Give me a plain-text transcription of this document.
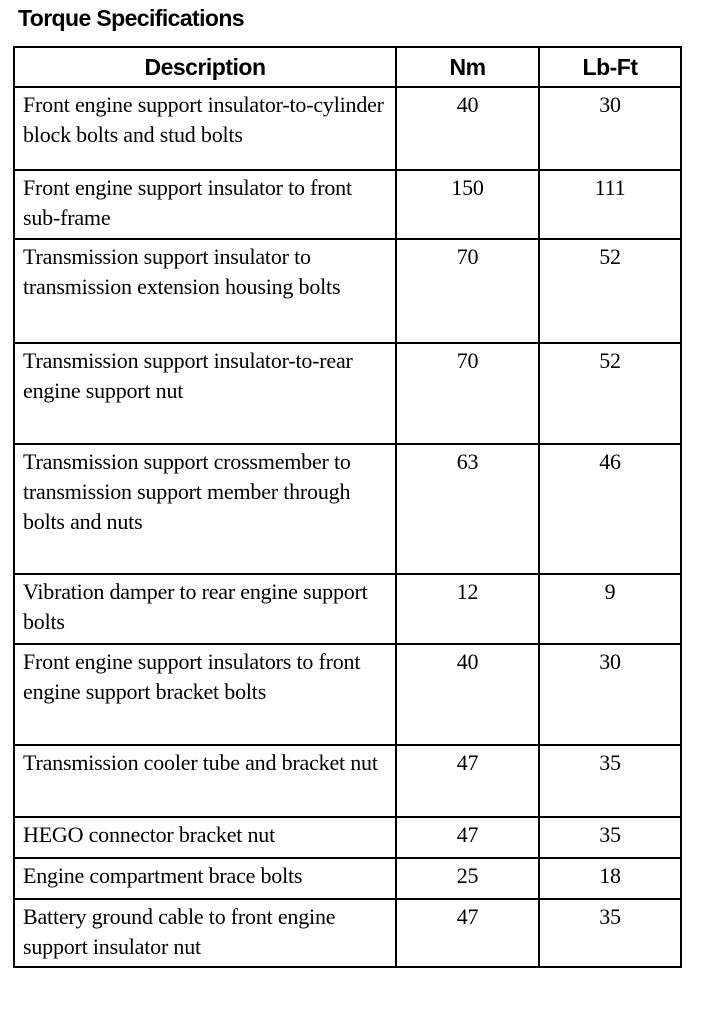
Torque Specifications
Description	Nm	Lb-Ft
Front engine support insulator-to-cylinder block bolts and stud bolts	40	30
Front engine support insulator to front sub-frame	150	111
Transmission support insulator to transmission extension housing bolts	70	52
Transmission support insulator-to-rear engine support nut	70	52
Transmission support crossmember to transmission support member through bolts and nuts	63	46
Vibration damper to rear engine support bolts	12	9
Front engine support insulators to front engine support bracket bolts	40	30
Transmission cooler tube and bracket nut	47	35
HEGO connector bracket nut	47	35
Engine compartment brace bolts	25	18
Battery ground cable to front engine support insulator nut	47	35
